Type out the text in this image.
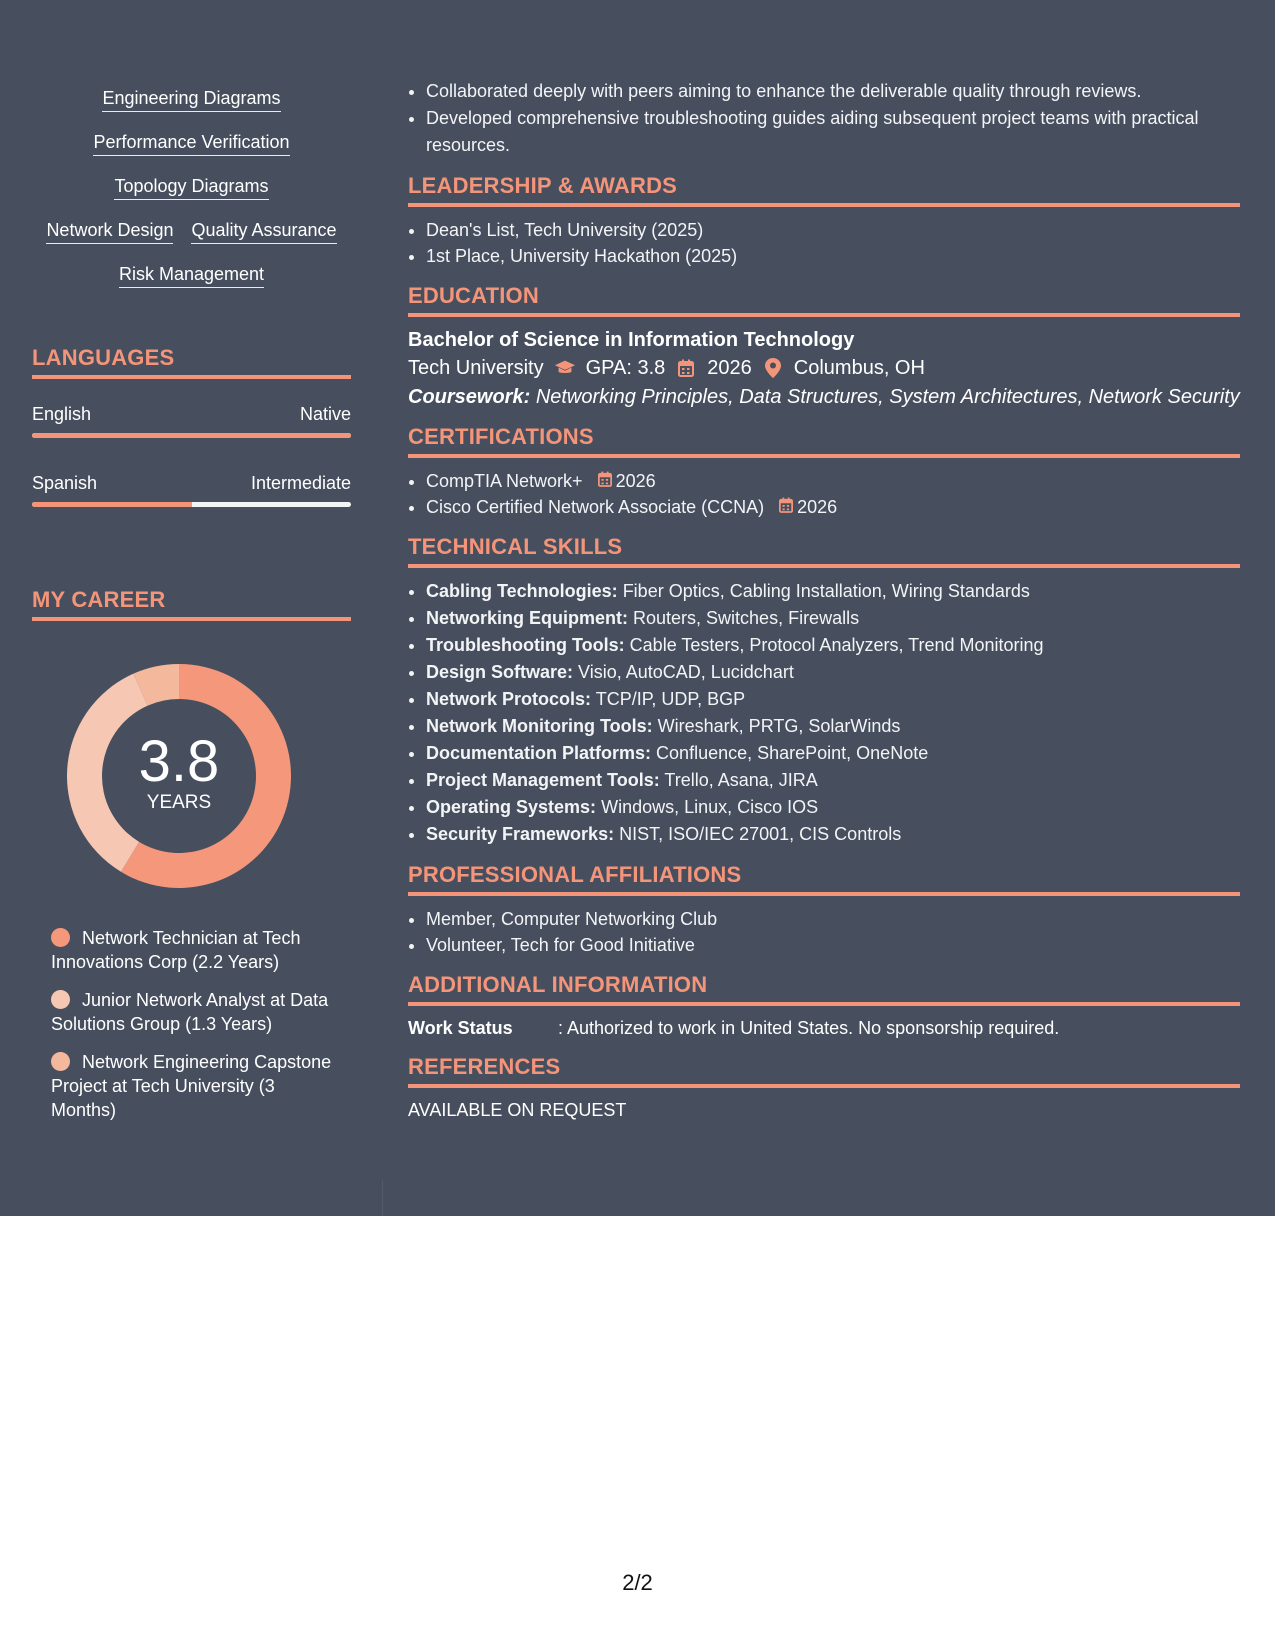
Engineering Diagrams
Performance Verification
Topology Diagrams
Network Design Quality Assurance
Risk Management
LANGUAGES
English	Native
Spanish	Intermediate
MY CAREER
3.8
YEARS
Network Technician at Tech Innovations Corp (2.2 Years)
Junior Network Analyst at Data Solutions Group (1.3 Years)
Network Engineering Capstone Project at Tech University (3 Months)
• Collaborated deeply with peers aiming to enhance the deliverable quality through reviews.
• Developed comprehensive troubleshooting guides aiding subsequent project teams with practical resources.
LEADERSHIP & AWARDS
• Dean's List, Tech University (2025)
• 1st Place, University Hackathon (2025)
EDUCATION
Bachelor of Science in Information Technology
Tech University GPA: 3.8 2026 Columbus, OH
Coursework: Networking Principles, Data Structures, System Architectures, Network Security
CERTIFICATIONS
• CompTIA Network+ 2026
• Cisco Certified Network Associate (CCNA) 2026
TECHNICAL SKILLS
• Cabling Technologies: Fiber Optics, Cabling Installation, Wiring Standards
• Networking Equipment: Routers, Switches, Firewalls
• Troubleshooting Tools: Cable Testers, Protocol Analyzers, Trend Monitoring
• Design Software: Visio, AutoCAD, Lucidchart
• Network Protocols: TCP/IP, UDP, BGP
• Network Monitoring Tools: Wireshark, PRTG, SolarWinds
• Documentation Platforms: Confluence, SharePoint, OneNote
• Project Management Tools: Trello, Asana, JIRA
• Operating Systems: Windows, Linux, Cisco IOS
• Security Frameworks: NIST, ISO/IEC 27001, CIS Controls
PROFESSIONAL AFFILIATIONS
• Member, Computer Networking Club
• Volunteer, Tech for Good Initiative
ADDITIONAL INFORMATION
Work Status	: Authorized to work in United States. No sponsorship required.
REFERENCES
AVAILABLE ON REQUEST
2/2
